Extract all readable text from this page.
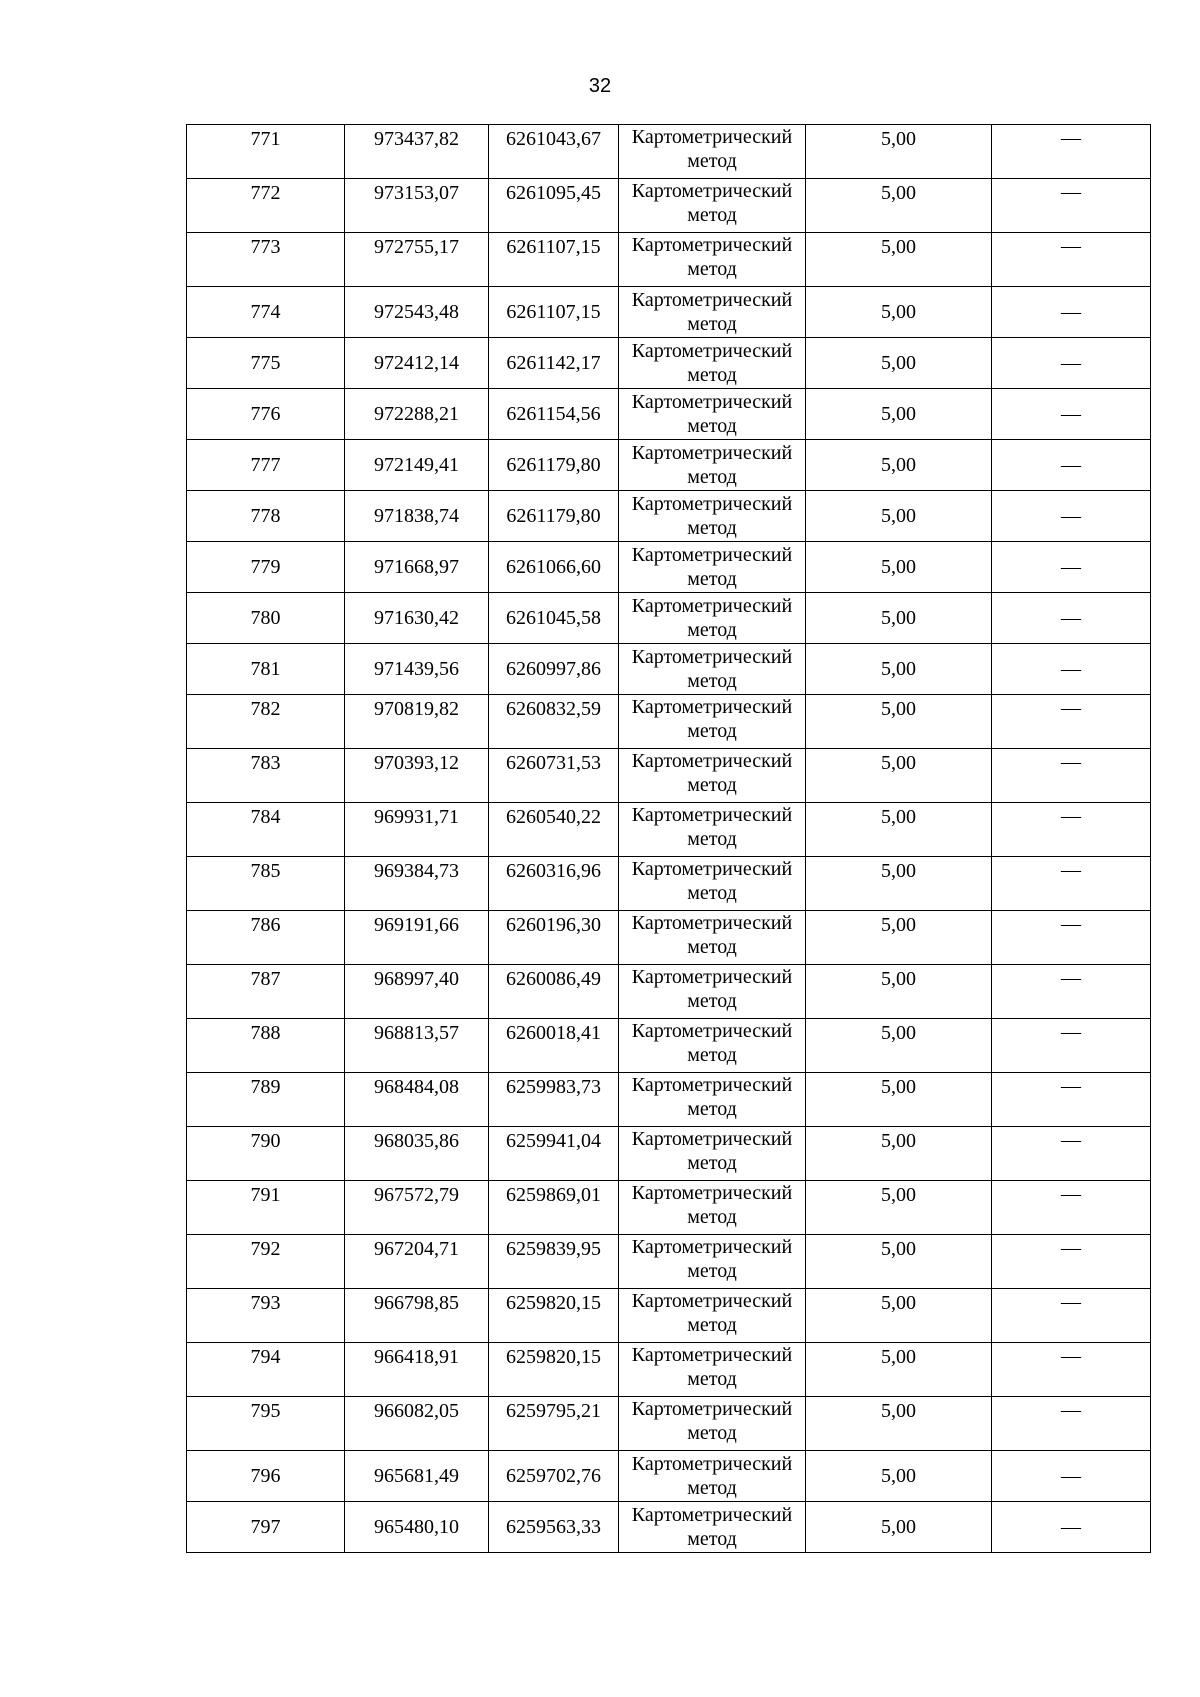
32
771	973437,82	6261043,67	Картометрический
метод	5,00	—
772	973153,07	6261095,45	Картометрический
метод	5,00	—
773	972755,17	6261107,15	Картометрический
метод	5,00	—
774	972543,48	6261107,15	Картометрический
метод	5,00	—
775	972412,14	6261142,17	Картометрический
метод	5,00	—
776	972288,21	6261154,56	Картометрический
метод	5,00	—
777	972149,41	6261179,80	Картометрический
метод	5,00	—
778	971838,74	6261179,80	Картометрический
метод	5,00	—
779	971668,97	6261066,60	Картометрический
метод	5,00	—
780	971630,42	6261045,58	Картометрический
метод	5,00	—
781	971439,56	6260997,86	Картометрический
метод	5,00	—
782	970819,82	6260832,59	Картометрический
метод	5,00	—
783	970393,12	6260731,53	Картометрический
метод	5,00	—
784	969931,71	6260540,22	Картометрический
метод	5,00	—
785	969384,73	6260316,96	Картометрический
метод	5,00	—
786	969191,66	6260196,30	Картометрический
метод	5,00	—
787	968997,40	6260086,49	Картометрический
метод	5,00	—
788	968813,57	6260018,41	Картометрический
метод	5,00	—
789	968484,08	6259983,73	Картометрический
метод	5,00	—
790	968035,86	6259941,04	Картометрический
метод	5,00	—
791	967572,79	6259869,01	Картометрический
метод	5,00	—
792	967204,71	6259839,95	Картометрический
метод	5,00	—
793	966798,85	6259820,15	Картометрический
метод	5,00	—
794	966418,91	6259820,15	Картометрический
метод	5,00	—
795	966082,05	6259795,21	Картометрический
метод	5,00	—
796	965681,49	6259702,76	Картометрический
метод	5,00	—
797	965480,10	6259563,33	Картометрический
метод	5,00	—
